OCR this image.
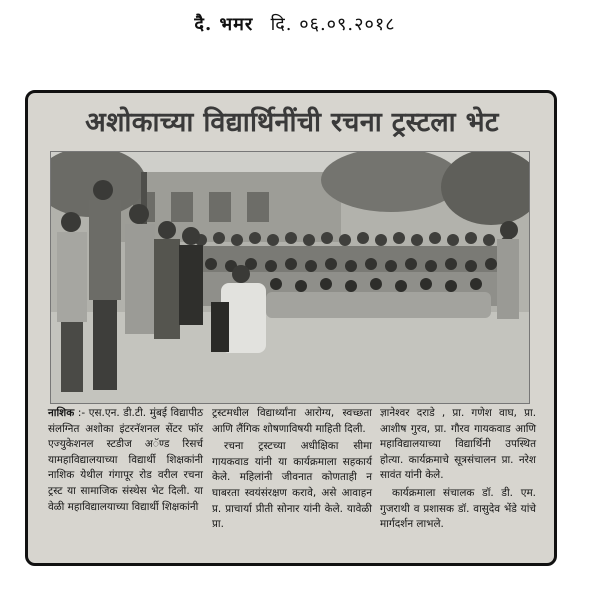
दै. भमर दि. ०६.०९.२०१८
अशोकाच्या विद्यार्थिनींची रचना ट्रस्टला भेट

नाशिक :- एस.एन. डी.टी. मुंबई विद्यापीठ संलग्नित अशोका इंटरनॅशनल सेंटर फॉर एज्युकेशनल स्टडीज अॅण्ड रिसर्च यामहाविद्यालयाच्या विद्यार्थी शिक्षकांनी नाशिक येथील गंगापूर रोड वरील रचना ट्रस्ट या सामाजिक संस्थेस भेट दिली. या वेळी महाविद्यालयाच्या विद्यार्थी शिक्षकांनी

ट्रस्टमधील विद्यार्थ्यांना आरोग्य, स्वच्छता आणि लैंगिक शोषणाविषयी माहिती दिली.

रचना ट्रस्टच्या अधीक्षिका सीमा गायकवाड यांनी या कार्यक्रमाला सहकार्य केले. महिलांनी जीवनात कोणताही न घाबरता स्वयंसंरक्षण करावे, असे आवाहन प्र. प्राचार्या प्रीती सोनार यांनी केले. यावेळी प्रा.

ज्ञानेश्वर दराडे , प्रा. गणेश वाघ, प्रा. आशीष गुरव, प्रा. गौरव गायकवाड आणि महाविद्यालयाच्या विद्यार्थिनी उपस्थित होत्या. कार्यक्रमाचे सूत्रसंचालन प्रा. नरेश सावंत यांनी केले.

कार्यक्रमाला संचालक डॉ. डी. एम. गुजराथी व प्रशासक डॉ. वासुदेव भेंडे यांचे मार्गदर्शन लाभले.
